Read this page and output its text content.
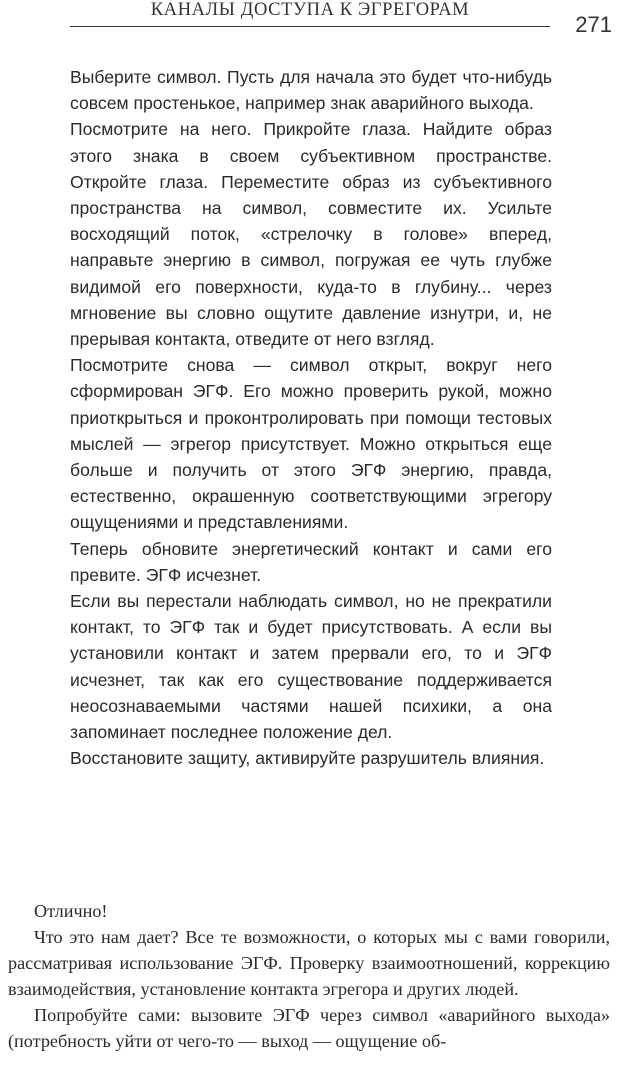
КАНАЛЫ ДОСТУПА К ЭГРЕГОРАМ
271

Выберите символ. Пусть для начала это будет что-нибудь совсем простенькое, например знак аварийного выхода.

Посмотрите на него. Прикройте глаза. Найдите образ этого знака в своем субъективном пространстве. Откройте глаза. Переместите образ из субъективного пространства на символ, совместите их. Усильте восходящий поток, «стрелочку в голове» вперед, направьте энергию в символ, погружая ее чуть глубже видимой его поверхности, куда-то в глубину... через мгновение вы словно ощутите давление изнутри, и, не прерывая контакта, отведите от него взгляд.

Посмотрите снова — символ открыт, вокруг него сформирован ЭГФ. Его можно проверить рукой, можно приоткрыться и проконтролировать при помощи тестовых мыслей — эгрегор присутствует. Можно открыться еще больше и получить от этого ЭГФ энергию, правда, естественно, окрашенную соответствующими эгрегору ощущениями и представлениями.

Теперь обновите энергетический контакт и сами его превите. ЭГФ исчезнет.

Если вы перестали наблюдать символ, но не прекратили контакт, то ЭГФ так и будет присутствовать. А если вы установили контакт и затем прервали его, то и ЭГФ исчезнет, так как его существование поддерживается неосознаваемыми частями нашей психики, а она запоминает последнее положение дел.

Восстановите защиту, активируйте разрушитель влияния.

Отлично!

Что это нам дает? Все те возможности, о которых мы с вами говорили, рассматривая использование ЭГФ. Проверку взаимоотношений, коррекцию взаимодействия, установление контакта эгрегора и других людей.

Попробуйте сами: вызовите ЭГФ через символ «аварийного выхода» (потребность уйти от чего-то — выход — ощущение об-
